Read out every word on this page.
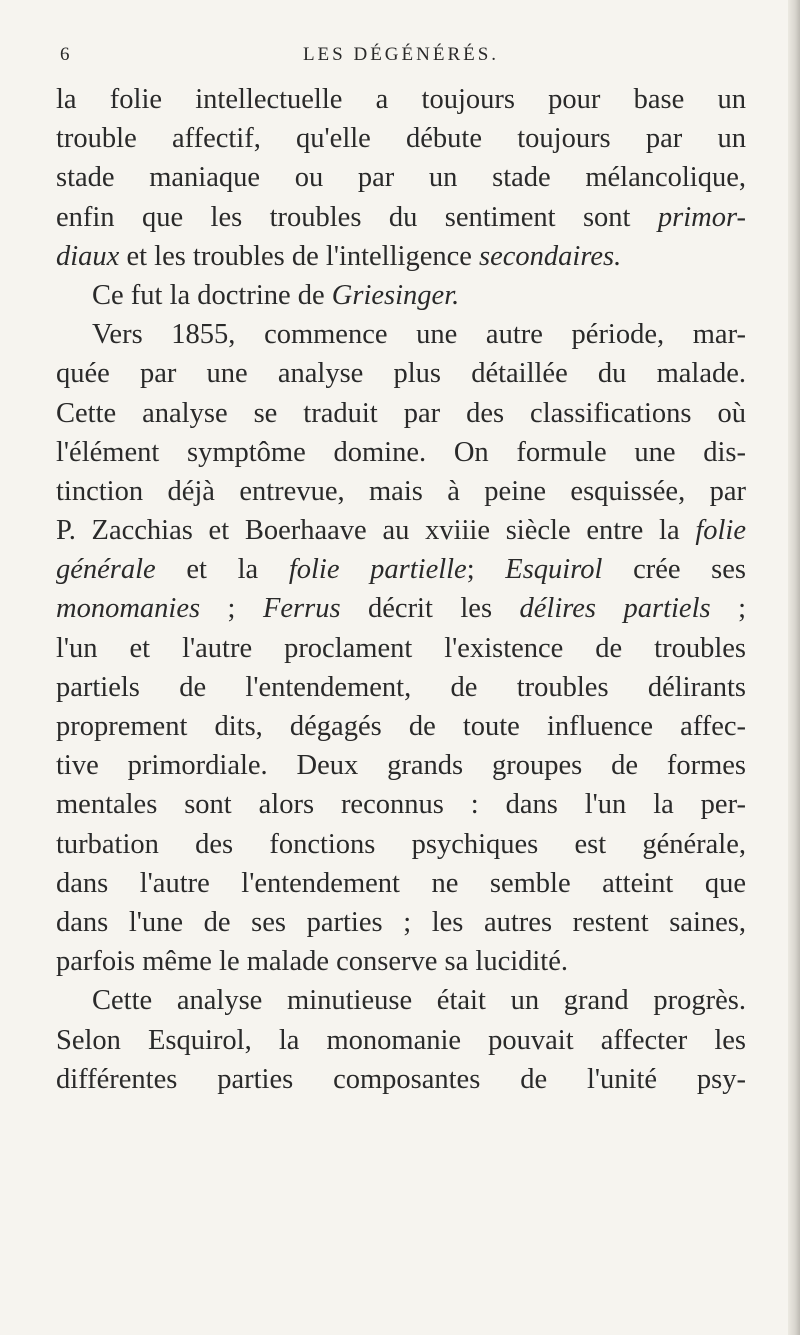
6	LES DÉGÉNÉRÉS.
la folie intellectuelle a toujours pour base un
trouble affectif, qu'elle débute toujours par un
stade maniaque ou par un stade mélancolique,
enfin que les troubles du sentiment sont primor-
diaux et les troubles de l'intelligence secondaires.
Ce fut la doctrine de Griesinger.
Vers 1855, commence une autre période, mar-
quée par une analyse plus détaillée du malade.
Cette analyse se traduit par des classifications où
l'élément symptôme domine. On formule une dis-
tinction déjà entrevue, mais à peine esquissée, par
P. Zacchias et Boerhaave au xviiie siècle entre la folie
générale et la folie partielle; Esquirol crée ses
monomanies ; Ferrus décrit les délires partiels ;
l'un et l'autre proclament l'existence de troubles
partiels de l'entendement, de troubles délirants
proprement dits, dégagés de toute influence affec-
tive primordiale. Deux grands groupes de formes
mentales sont alors reconnus : dans l'un la per-
turbation des fonctions psychiques est générale,
dans l'autre l'entendement ne semble atteint que
dans l'une de ses parties ; les autres restent saines,
parfois même le malade conserve sa lucidité.
Cette analyse minutieuse était un grand progrès.
Selon Esquirol, la monomanie pouvait affecter les
différentes parties composantes de l'unité psy-
